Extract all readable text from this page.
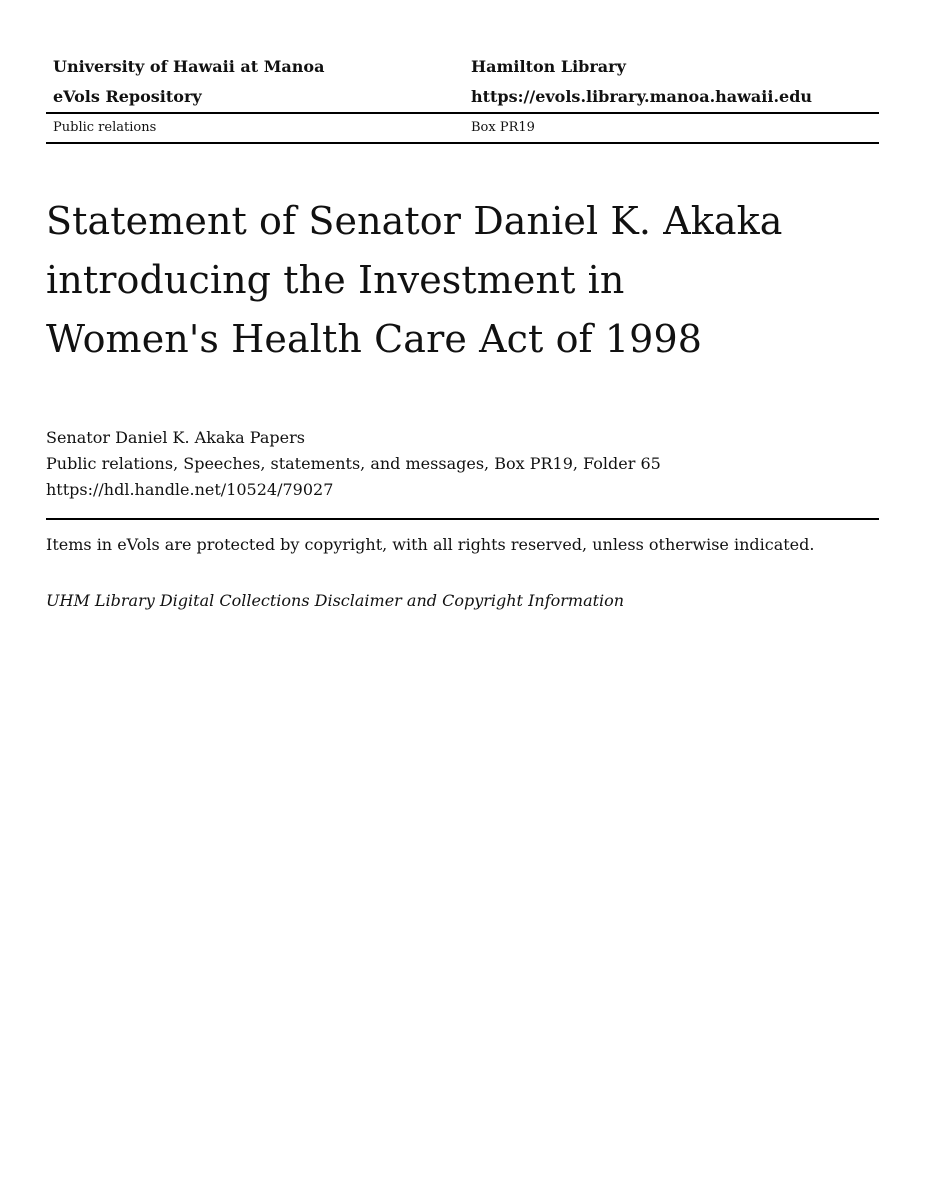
University of Hawaii at Manoa	Hamilton Library
eVols Repository	https://evols.library.manoa.hawaii.edu
Public relations	Box PR19
Statement of Senator Daniel K. Akaka
introducing the Investment in
Women's Health Care Act of 1998
Senator Daniel K. Akaka Papers
Public relations, Speeches, statements, and messages, Box PR19, Folder 65
https://hdl.handle.net/10524/79027
Items in eVols are protected by copyright, with all rights reserved, unless otherwise indicated.
UHM Library Digital Collections Disclaimer and Copyright Information
